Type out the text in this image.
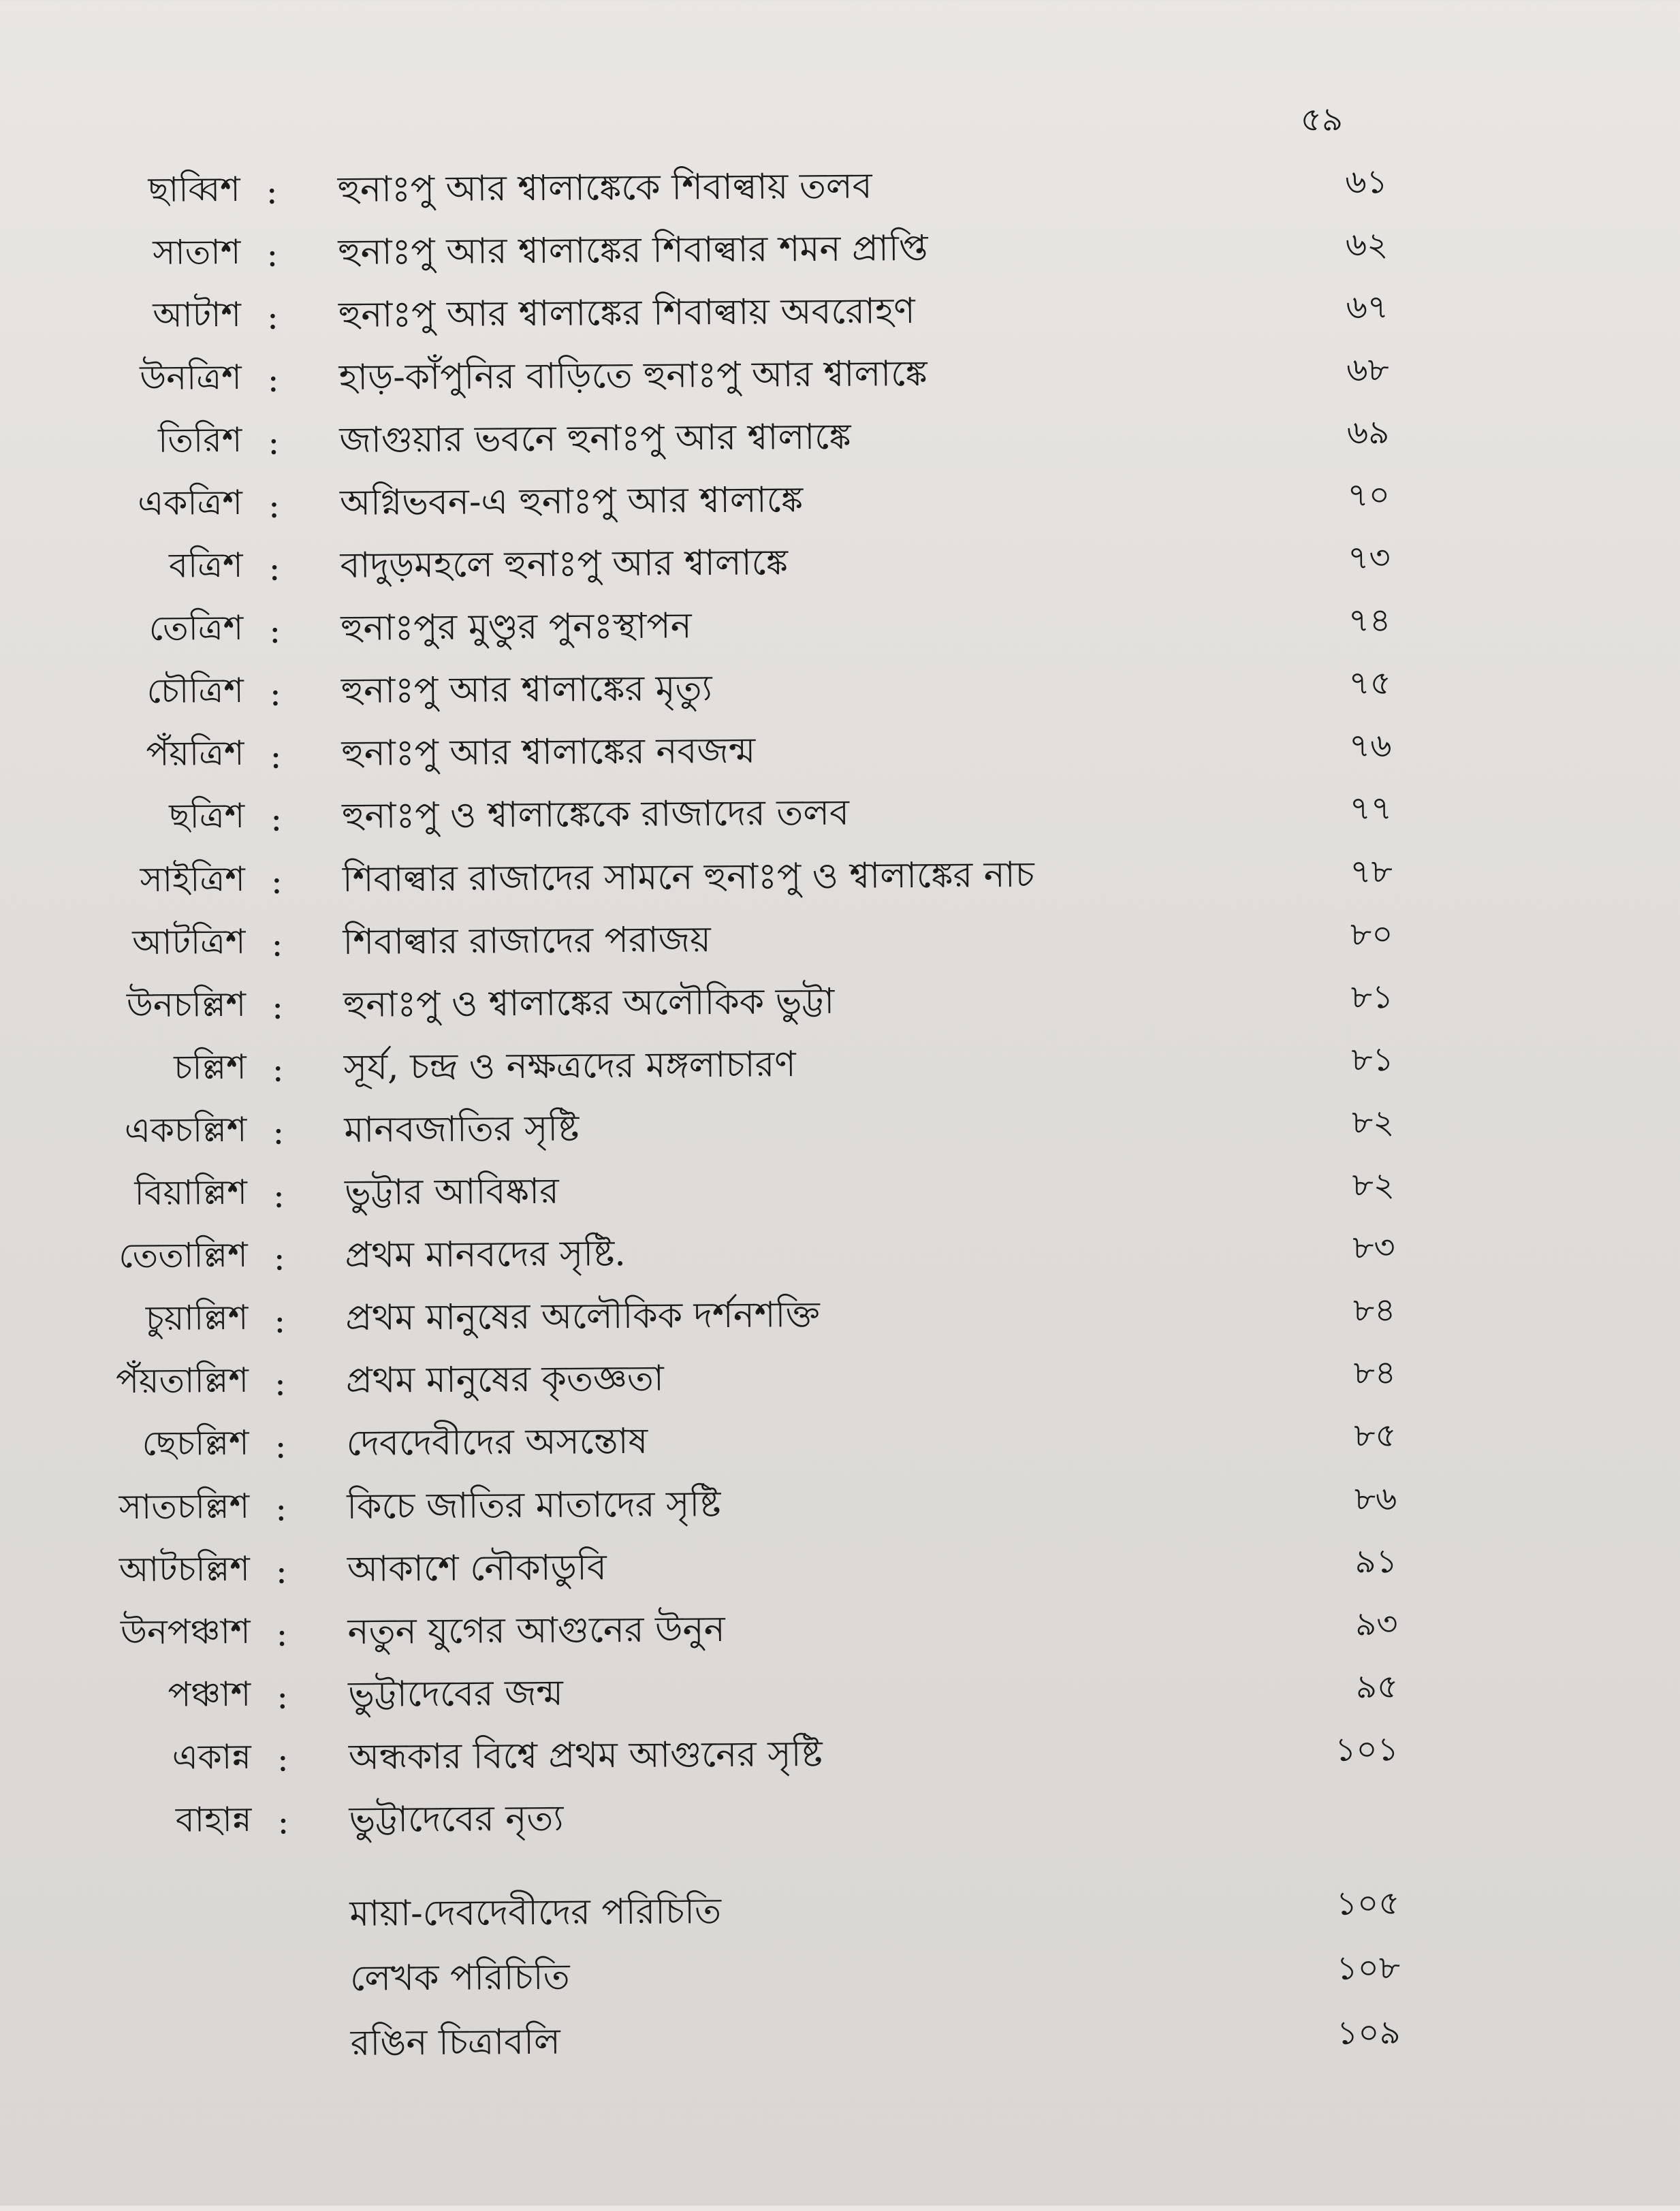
৫৯
ছাব্বিশ : হুনাঃপু আর শ্বালাঙ্কেকে শিবাল্বায় তলব	৬১
সাতাশ : হুনাঃপু আর শ্বালাঙ্কের শিবাল্বার শমন প্রাপ্তি	৬২
আটাশ : হুনাঃপু আর শ্বালাঙ্কের শিবাল্বায় অবরোহণ	৬৭
উনত্রিশ : হাড়-কাঁপুনির বাড়িতে হুনাঃপু আর শ্বালাঙ্কে	৬৮
তিরিশ : জাগুয়ার ভবনে হুনাঃপু আর শ্বালাঙ্কে	৬৯
একত্রিশ : অগ্নিভবন-এ হুনাঃপু আর শ্বালাঙ্কে	৭০
বত্রিশ : বাদুড়মহলে হুনাঃপু আর শ্বালাঙ্কে	৭৩
তেত্রিশ : হুনাঃপুর মুণ্ডুর পুনঃস্থাপন	৭৪
চৌত্রিশ : হুনাঃপু আর শ্বালাঙ্কের মৃত্যু	৭৫
পঁয়ত্রিশ : হুনাঃপু আর শ্বালাঙ্কের নবজন্ম	৭৬
ছত্রিশ : হুনাঃপু ও শ্বালাঙ্কেকে রাজাদের তলব	৭৭
সাইত্রিশ : শিবাল্বার রাজাদের সামনে হুনাঃপু ও শ্বালাঙ্কের নাচ	৭৮
আটত্রিশ : শিবাল্বার রাজাদের পরাজয়	৮০
উনচল্লিশ : হুনাঃপু ও শ্বালাঙ্কের অলৌকিক ভুট্টা	৮১
চল্লিশ : সূর্য, চন্দ্র ও নক্ষত্রদের মঙ্গলাচারণ	৮১
একচল্লিশ : মানবজাতির সৃষ্টি	৮২
বিয়াল্লিশ : ভুট্টার আবিষ্কার	৮২
তেতাল্লিশ : প্রথম মানবদের সৃষ্টি.	৮৩
চুয়াল্লিশ : প্রথম মানুষের অলৌকিক দর্শনশক্তি	৮৪
পঁয়তাল্লিশ : প্রথম মানুষের কৃতজ্ঞতা	৮৪
ছেচল্লিশ : দেবদেবীদের অসন্তোষ	৮৫
সাতচল্লিশ : কিচে জাতির মাতাদের সৃষ্টি	৮৬
আটচল্লিশ : আকাশে নৌকাডুবি	৯১
উনপঞ্চাশ : নতুন যুগের আগুনের উনুন	৯৩
পঞ্চাশ : ভুট্টাদেবের জন্ম	৯৫
একান্ন : অন্ধকার বিশ্বে প্রথম আগুনের সৃষ্টি	১০১
বাহান্ন : ভুট্টাদেবের নৃত্য
মায়া-দেবদেবীদের পরিচিতি	১০৫
লেখক পরিচিতি	১০৮
রঙিন চিত্রাবলি	১০৯
